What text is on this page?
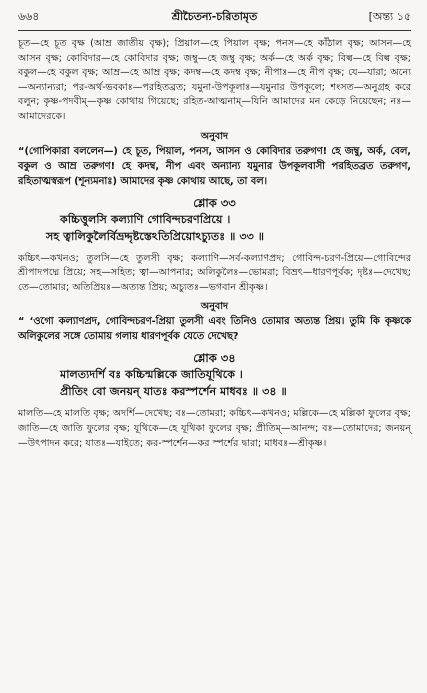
৬৬৪	শ্রীচৈতন্য-চরিতামৃত	[অন্ত্য ১৫

চূত—হে চূত বৃক্ষ (আম্র জাতীয় বৃক্ষ); প্রিয়াল—হে পিয়াল বৃক্ষ; পনস—হে কাঁঠাল বৃক্ষ; আসন—হে আসন বৃক্ষ; কোবিদার—হে কোবিদার বৃক্ষ; জম্বু—হে জম্বু বৃক্ষ; অর্ক—হে অর্ক বৃক্ষ; বিল্ব—হে বিল্ব বৃক্ষ; বকুল—হে বকুল বৃক্ষ; আম্র—হে আম্র বৃক্ষ; কদম্ব—হে কদম্ব বৃক্ষ; নীপাঃ—হে নীপ বৃক্ষ; যে—যারা; অন্যে—অন্যান্যরা; পর-অর্থ-ভবকাঃ—পরহিতব্রত; যমুনা-উপকূলাঃ—যমুনার উপকূলে; শংসত—অনুগ্রহ করে বলুন; কৃষ্ণ-পদবীম্—কৃষ্ণ কোথায় গিয়েছে; রহিত-আত্মনাম্—যিনি আমাদের মন কেড়ে নিয়েছেন; নঃ—আমাদেরকে।

অনুবাদ

“(গোপিকারা বললেন—) হে চূত, পিয়াল, পনস, আসন ও কোবিদার তরুগণ! হে জম্বু, অর্ক, বেল, বকুল ও আম্র তরুগণ! হে কদম্ব, নীপ এবং অন্যান্য যমুনার উপকূলবাসী পরহিতব্রত তরুগণ, রহিতাত্মস্বরূপ (শূন্যমনাঃ) আমাদের কৃষ্ণ কোথায় আছে, তা বল।

শ্লোক ৩৩

কচ্চিত্তুলসি কল্যাণি গোবিন্দচরণপ্রিয়ে ।

সহ ত্বালিকুলৈর্বিভ্রদ্দৃষ্টস্তেঽতিপ্রিয়োঽচ্যুতঃ ॥ ৩৩ ॥

কচ্চিৎ—কখনও; তুলসি—হে তুলসী বৃক্ষ; কল্যাণি—সর্ব-কল্যাণপ্রদ; গোবিন্দ-চরণ-প্রিয়ে—গোবিন্দের শ্রীপাদপদ্মে প্রিয়ে; সহ—সহিত; ত্বা—আপনার; অলিকুলৈঃ—ভোমরা; বিভ্রৎ—ধারণপূর্বক; দৃষ্টঃ—দেখেছ; তে—তোমার; অতিপ্রিয়ঃ—অত্যন্ত প্রিয়; অচ্যুতঃ—ভগবান শ্রীকৃষ্ণ।

অনুবাদ

“ ‘ওগো কল্যাণপ্রদ, গোবিন্দচরণ-প্রিয়া তুলসী এবং তিনিও তোমার অত্যন্ত প্রিয়। তুমি কি কৃষ্ণকে অলিকুলের সঙ্গে তোমায় গলায় ধারণপূর্বক যেতে দেখেছ?

শ্লোক ৩৪

মালত্যদর্শি বঃ কচ্চিন্মল্লিকে জাতিযূথিকে ।

প্রীতিং বো জনয়ন্ যাতঃ করস্পর্শেন মাধবঃ ॥ ৩৪ ॥

মালতি—হে মালতি বৃক্ষ; অদর্শি—দেখেছ; বঃ—তোমরা; কচ্চিৎ—কখনও; মল্লিকে—হে মল্লিকা ফুলের বৃক্ষ; জাতি—হে জাতি ফুলের বৃক্ষ; যূথিকে—হে যূথিকা ফুলের বৃক্ষ; প্রীতিম্—আনন্দ; বঃ—তোমাদের; জনয়ন্—উৎপাদন করে; যাতঃ—যাইতে; কর-স্পর্শেন—কর স্পর্শের দ্বারা; মাধবঃ—শ্রীকৃষ্ণ।
